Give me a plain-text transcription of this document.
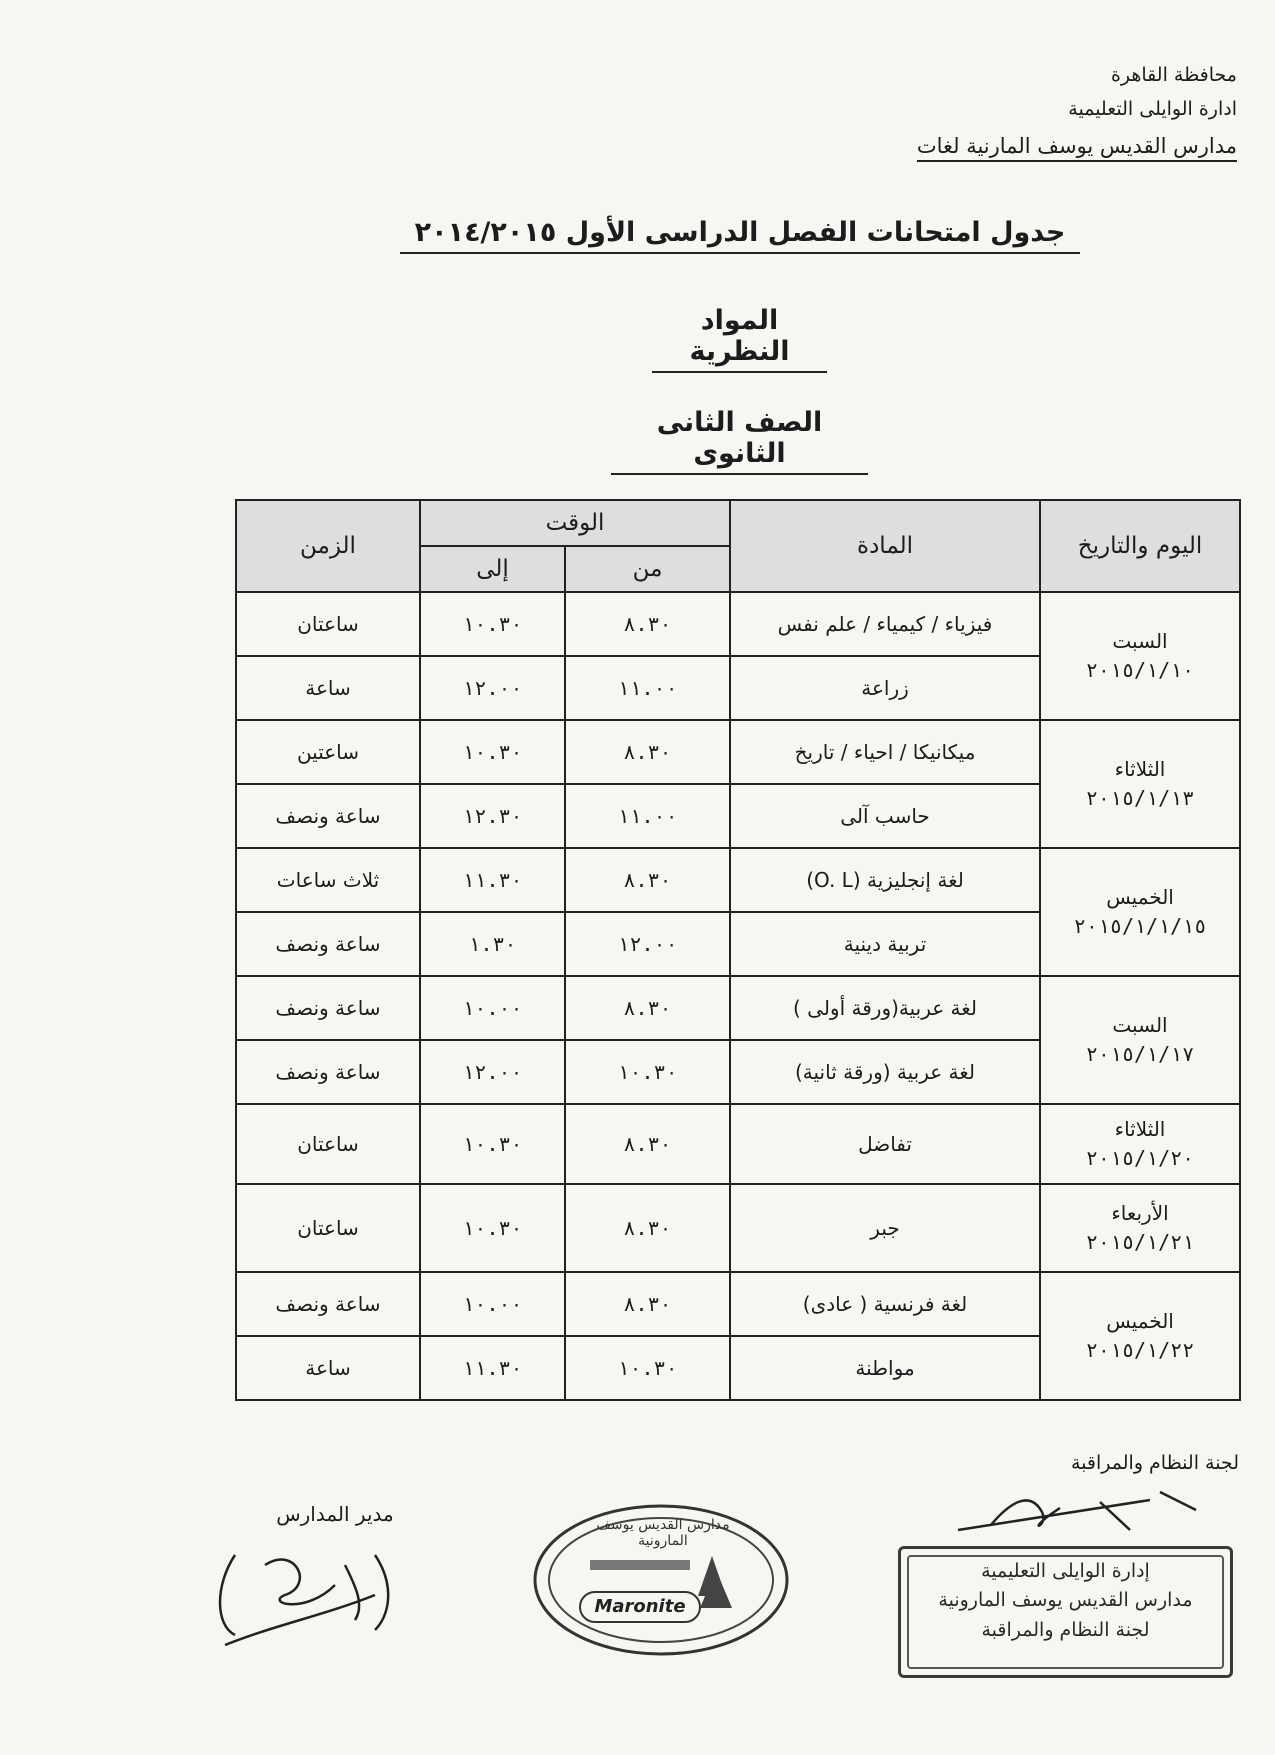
محافظة القاهرة
ادارة الوايلى التعليمية
مدارس القديس يوسف المارنية لغات
جدول امتحانات الفصل الدراسى الأول ٢٠١٤/٢٠١٥
المواد النظرية
الصف الثانى الثانوى
اليوم والتاريخ	المادة	الوقت		الزمن
		من	إلى	

السبت
٢٠١٥/١/١٠	فيزياء / كيمياء / علم نفس	٨.٣٠	١٠.٣٠	ساعتان
	زراعة	١١.٠٠	١٢.٠٠	ساعة

الثلاثاء
٢٠١٥/١/١٣	ميكانيكا / احياء / تاريخ	٨.٣٠	١٠.٣٠	ساعتين
	حاسب آلى	١١.٠٠	١٢.٣٠	ساعة ونصف

الخميس
٢٠١٥/١/١/١٥	لغة إنجليزية (O. L)	٨.٣٠	١١.٣٠	ثلاث ساعات
	تربية دينية	١٢.٠٠	١.٣٠	ساعة ونصف

السبت
٢٠١٥/١/١٧	لغة عربية(ورقة أولى )	٨.٣٠	١٠.٠٠	ساعة ونصف
	لغة عربية (ورقة ثانية)	١٠.٣٠	١٢.٠٠	ساعة ونصف

الثلاثاء
٢٠١٥/١/٢٠	تفاضل	٨.٣٠	١٠.٣٠	ساعتان

الأربعاء
٢٠١٥/١/٢١	جبر	٨.٣٠	١٠.٣٠	ساعتان

الخميس
٢٠١٥/١/٢٢	لغة فرنسية ( عادى)	٨.٣٠	١٠.٠٠	ساعة ونصف
	مواطنة	١٠.٣٠	١١.٣٠	ساعة
لجنة النظام والمراقبة
مدير المدارس	مدارس القديس يوسف المارونية
Maronite
إدارة الوايلى التعليمية
مدارس القديس يوسف المارونية
لجنة النظام والمراقبة
